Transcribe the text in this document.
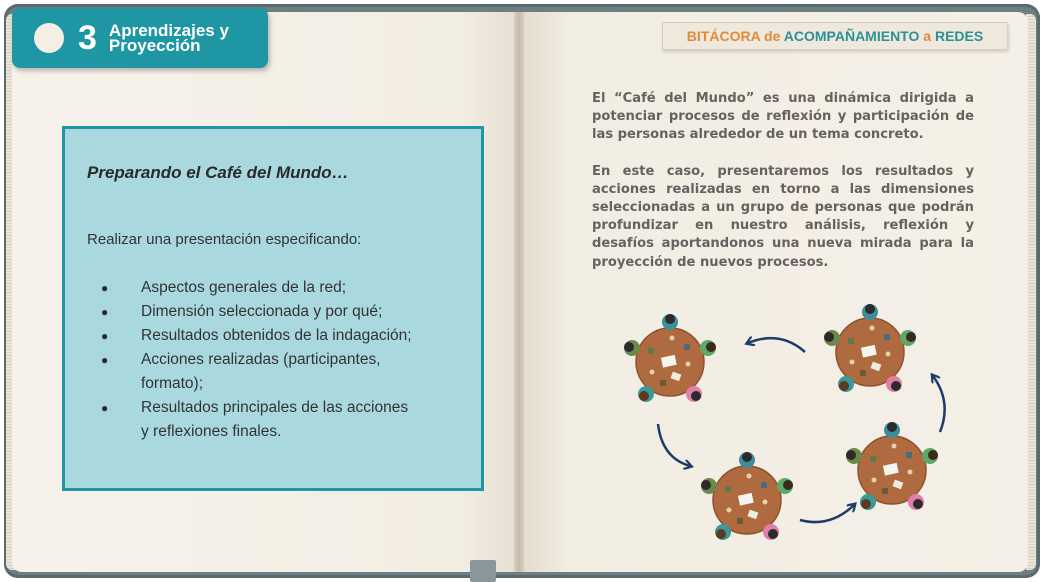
3 Aprendizajes y
Proyección	BITÁCORA de ACOMPAÑAMIENTO a REDES
Preparando el Café del Mundo…
Realizar una presentación especificando:
● Aspectos generales de la red;
● Dimensión seleccionada y por qué;
● Resultados obtenidos de la indagación;
● Acciones realizadas (participantes,
formato);
● Resultados principales de las acciones
y reflexiones finales.

El “Café del Mundo” es una dinámica dirigida a potenciar procesos de reflexión y participación de las personas alrededor de un tema concreto.

En este caso, presentaremos los resultados y acciones realizadas en torno a las dimensiones seleccionadas a un grupo de personas que podrán profundizar en nuestro análisis, reflexión y desafíos aportandonos una nueva mirada para la proyección de nuevos procesos.
